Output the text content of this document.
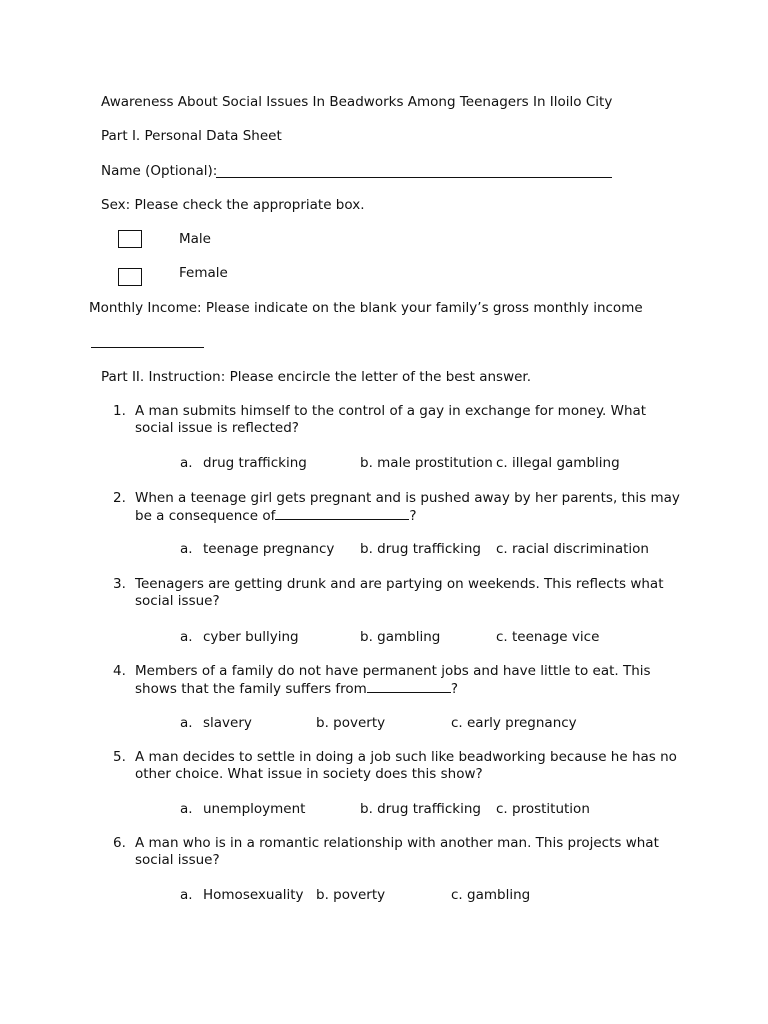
Awareness About Social Issues In Beadworks Among Teenagers In Iloilo City
Part I. Personal Data Sheet
Name (Optional):
Sex: Please check the appropriate box.
Male
Female
Monthly Income: Please indicate on the blank your family’s gross monthly income
Part II. Instruction: Please encircle the letter of the best answer.
1. A man submits himself to the control of a gay in exchange for money. What social issue is reflected?
a. drug trafficking	b. male prostitution c. illegal gambling
2. When a teenage girl gets pregnant and is pushed away by her parents, this may be a consequence of	?
a. teenage pregnancy b. drug trafficking c. racial discrimination
3. Teenagers are getting drunk and are partying on weekends. This reflects what social issue?
a. cyber bullying	b. gambling	c. teenage vice
4. Members of a family do not have permanent jobs and have little to eat. This shows that the family suffers from	?
a. slavery	b. poverty	c. early pregnancy
5. A man decides to settle in doing a job such like beadworking because he has no other choice. What issue in society does this show?
a. unemployment	b. drug trafficking c. prostitution
6. A man who is in a romantic relationship with another man. This projects what social issue?
a. Homosexuality b. poverty	c. gambling
